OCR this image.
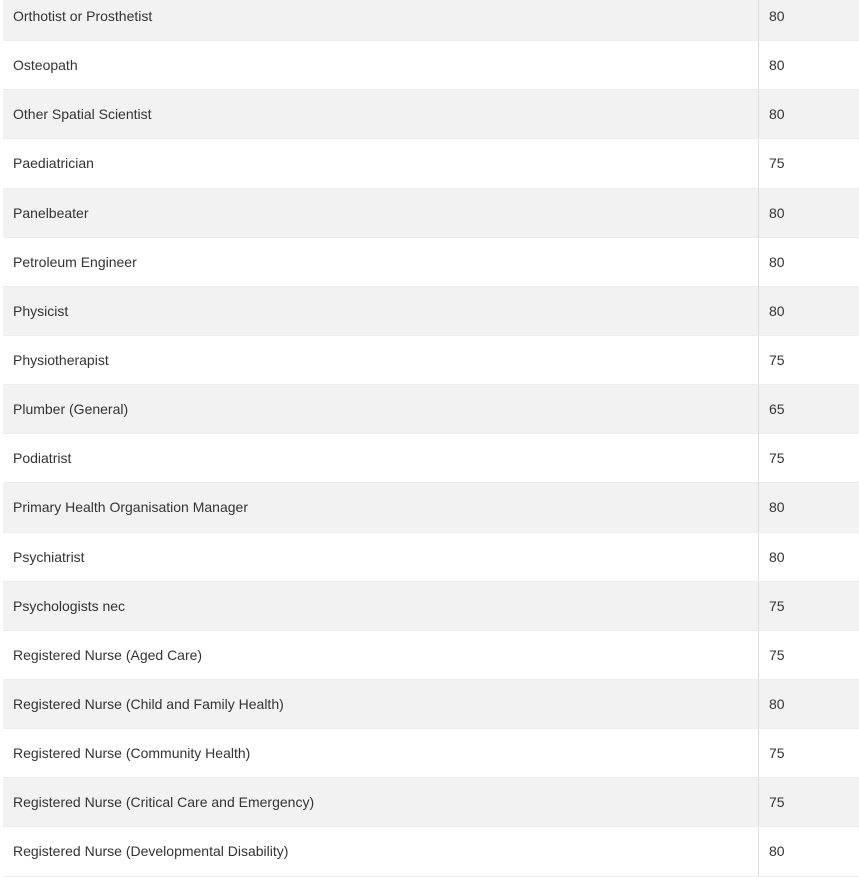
Orthotist or Prosthetist	80
Osteopath	80
Other Spatial Scientist	80
Paediatrician	75
Panelbeater	80
Petroleum Engineer	80
Physicist	80
Physiotherapist	75
Plumber (General)	65
Podiatrist	75
Primary Health Organisation Manager	80
Psychiatrist	80
Psychologists nec	75
Registered Nurse (Aged Care)	75
Registered Nurse (Child and Family Health)	80
Registered Nurse (Community Health)	75
Registered Nurse (Critical Care and Emergency)	75
Registered Nurse (Developmental Disability)	80
